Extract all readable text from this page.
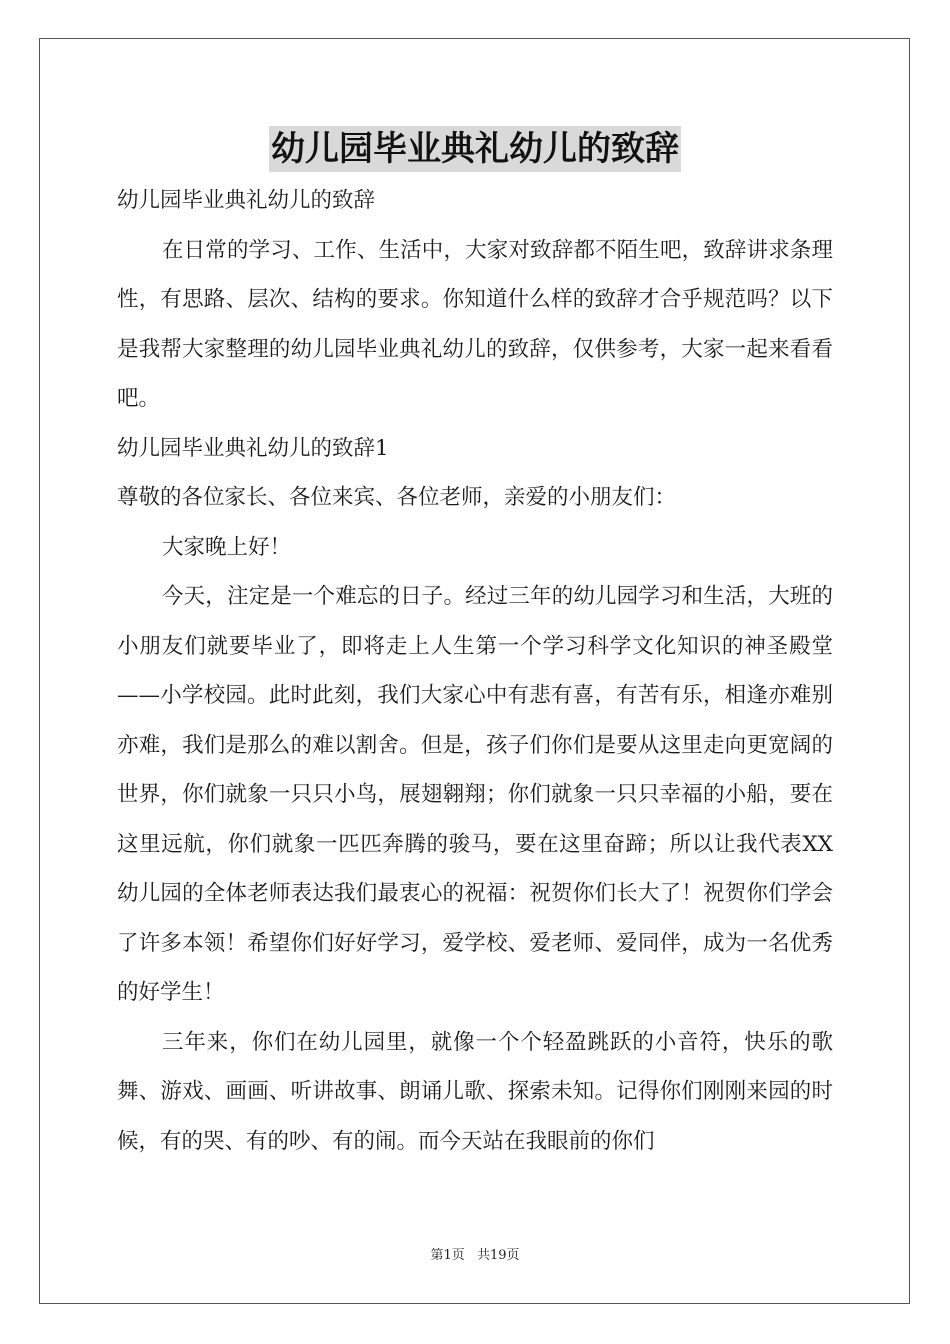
幼儿园毕业典礼幼儿的致辞
幼儿园毕业典礼幼儿的致辞

在日常的学习、工作、生活中，大家对致辞都不陌生吧，致辞讲求条理性，有思路、层次、结构的要求。你知道什么样的致辞才合乎规范吗？以下是我帮大家整理的幼儿园毕业典礼幼儿的致辞，仅供参考，大家一起来看看吧。

幼儿园毕业典礼幼儿的致辞1
尊敬的各位家长、各位来宾、各位老师，亲爱的小朋友们：

大家晚上好！

今天，注定是一个难忘的日子。经过三年的幼儿园学习和生活，大班的小朋友们就要毕业了，即将走上人生第一个学习科学文化知识的神圣殿堂——小学校园。此时此刻，我们大家心中有悲有喜，有苦有乐，相逢亦难别亦难，我们是那么的难以割舍。但是，孩子们你们是要从这里走向更宽阔的世界，你们就象一只只小鸟，展翅翱翔；你们就象一只只幸福的小船，要在这里远航，你们就象一匹匹奔腾的骏马，要在这里奋蹄；所以让我代表XX幼儿园的全体老师表达我们最衷心的祝福：祝贺你们长大了！祝贺你们学会了许多本领！希望你们好好学习，爱学校、爱老师、爱同伴，成为一名优秀的好学生！

三年来，你们在幼儿园里，就像一个个轻盈跳跃的小音符，快乐的歌舞、游戏、画画、听讲故事、朗诵儿歌、探索未知。记得你们刚刚来园的时候，有的哭、有的吵、有的闹。而今天站在我眼前的你们

第1页 共19页
